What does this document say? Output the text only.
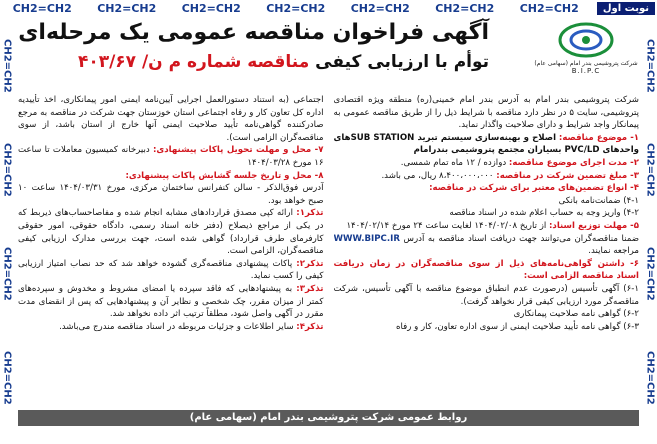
CH2=CH2 CH2=CH2 CH2=CH2 CH2=CH2 CH2=CH2 CH2=CH2 CH2=CH2
CH2=CH2
CH2=CH2
CH2=CH2
CH2=CH2
CH2=CH2
CH2=CH2
CH2=CH2
CH2=CH2
نوبت اول
شرکت پتروشیمی بندر امام (سهامی عام)
B.I.P.C
آگهی فراخوان مناقصه عمومی یک مرحله‌ای
توأم با ارزیابی کیفی مناقصه شماره م ن/ ۴۰۳/۶۷

شرکت پتروشیمی بندر امام به آدرس بندر امام خمینی(ره) منطقه ویژه اقتصادی پتروشیمی، سایت ۵ در نظر دارد مناقصه با شرایط ذیل را از طریق مناقصه عمومی به پیمانکار واجد شرایط و دارای صلاحیت واگذار نماید.

۱- موضوع مناقصه: اصلاح و بهینه‌سازی سیستم تبرید SUB STATIONهای واحدهای PVC/LD بسیاران مجتمع پتروشیمی بندرامام

۲- مدت اجرای موضوع مناقصه: دوازده / ۱۲ ماه تمام شمسی.

۳- مبلغ تضمین شرکت در مناقصه: ۸،۴۰۰،۰۰۰،۰۰۰ ریال، می باشد.

۴- انواع تضمین‌های معتبر برای شرکت در مناقصه:

۴-۱) ضمانت‌نامه بانکی

۴-۲) واریز وجه به حساب اعلام شده در اسناد مناقصه

۵- مهلت توزیع اسناد: از تاریخ ۱۴۰۴/۰۲/۰۸ لغایت ساعت ۲۴ مورخ ۱۴۰۴/۰۲/۱۴

ضمنا مناقصه‌گران می‌توانند جهت دریافت اسناد مناقصه به آدرس WWW.BIPC.IR مراجعه نمایند.

۶- داشتن گواهی‌نامه‌های ذیل از سوی مناقصه‌گران در زمان دریافت اسناد مناقصه الزامی است:

۶-۱) آگهی تأسیس (درصورت عدم انطباق موضوع مناقصه با آگهی تأسیس، شرکت مناقصه‌گر مورد ارزیابی کیفی قرار نخواهد گرفت).

۶-۲) گواهی نامه صلاحیت پیمانکاری

۶-۳) گواهی نامه تأیید صلاحیت ایمنی از سوی اداره تعاون، کار و رفاه

اجتماعی (به استناد دستورالعمل اجرایی آیین‌نامه ایمنی امور پیمانکاری، اخذ تأییدیه اداره کل تعاون کار و رفاه اجتماعی استان خوزستان جهت شرکت در مناقصه به مرجع صادرکننده گواهی‌نامه تأیید صلاحیت ایمنی آنها خارج از استان باشد، از سوی مناقصه‌گران الزامی است).

۷- محل و مهلت تحویل پاکات پیشنهادی: دبیرخانه کمیسیون معاملات تا ساعت ۱۶ مورخ ۱۴۰۴/۰۳/۲۸

۸- محل و تاریخ جلسه گشایش پاکات پیشنهادی:

آدرس فوق‌الذکر - سالن کنفرانس ساختمان مرکزی، مورخ ۱۴۰۴/۰۳/۳۱ ساعت ۱۰ صبح خواهد بود.

تذکر۱: ارائه کپی مصدق قراردادهای مشابه انجام شده و مفاصاحساب‌های ذیربط که در یکی از مراجع ذیصلاح (دفتر خانه اسناد رسمی، دادگاه حقوقی، امور حقوقی کارفرمای طرف قرارداد) گواهی شده است، جهت بررسی مدارک ارزیابی کیفی مناقصه‌گران، الزامی است.

تذکر۲: پاکات پیشنهادی مناقصه‌گری گشوده خواهد شد که حد نصاب امتیاز ارزیابی کیفی را کسب نماید.

تذکر۳: به پیشنهادهایی که فاقد سپرده یا امضای مشروط و مخدوش و سپرده‌های کمتر از میزان مقرر، چک شخصی و نظایر آن و پیشنهادهایی که پس از انقضای مدت مقرر در آگهی واصل شود، مطلقاً ترتیب اثر داده نخواهد شد.

تذکر۴: سایر اطلاعات و جزئیات مربوطه در اسناد مناقصه مندرج می‌باشد.

روابط عمومی شرکت پتروشیمی بندر امام (سهامی عام)
